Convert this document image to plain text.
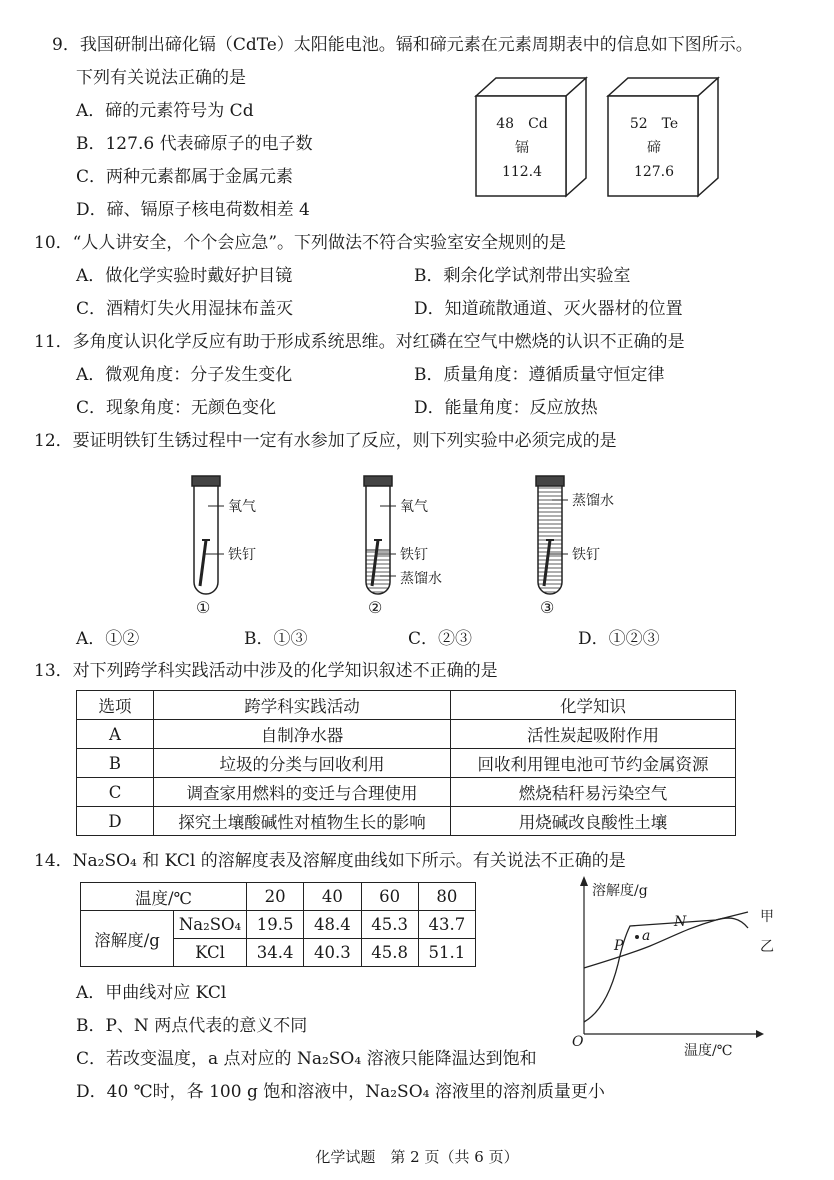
9．我国研制出碲化镉（CdTe）太阳能电池。镉和碲元素在元素周期表中的信息如下图所示。
下列有关说法正确的是
A．碲的元素符号为 Cd
B．127.6 代表碲原子的电子数
C．两种元素都属于金属元素
D．碲、镉原子核电荷数相差 4
48　Cd
镉
112.4
52　Te
碲
127.6
10．“人人讲安全，个个会应急”。下列做法不符合实验室安全规则的是
A．做化学实验时戴好护目镜	B．剩余化学试剂带出实验室
C．酒精灯失火用湿抹布盖灭	D．知道疏散通道、灭火器材的位置
11．多角度认识化学反应有助于形成系统思维。对红磷在空气中燃烧的认识不正确的是
A．微观角度：分子发生变化	B．质量角度：遵循质量守恒定律
C．现象角度：无颜色变化	D．能量角度：反应放热
12．要证明铁钉生锈过程中一定有水参加了反应，则下列实验中必须完成的是
氧气
铁钉
①
氧气
铁钉
蒸馏水
②
蒸馏水
铁钉
③
A．①②	B．①③	C．②③	D．①②③
13．对下列跨学科实践活动中涉及的化学知识叙述不正确的是
选项	跨学科实践活动	化学知识
A	自制净水器	活性炭起吸附作用
B	垃圾的分类与回收利用	回收利用锂电池可节约金属资源
C	调查家用燃料的变迁与合理使用	燃烧秸秆易污染空气
D	探究土壤酸碱性对植物生长的影响	用烧碱改良酸性土壤
14．Na₂SO₄ 和 KCl 的溶解度表及溶解度曲线如下所示。有关说法不正确的是
温度/℃		20	40	60	80
溶解度/g	Na₂SO₄	19.5	48.4	45.3	43.7
	KCl	34.4	40.3	45.8	51.1
溶解度/g
温度/℃
O
甲
乙
P
N
a
A．甲曲线对应 KCl
B．P、N 两点代表的意义不同
C．若改变温度，a 点对应的 Na₂SO₄ 溶液只能降温达到饱和
D．40 ℃时，各 100 g 饱和溶液中，Na₂SO₄ 溶液里的溶剂质量更小
化学试题　第 2 页（共 6 页）
